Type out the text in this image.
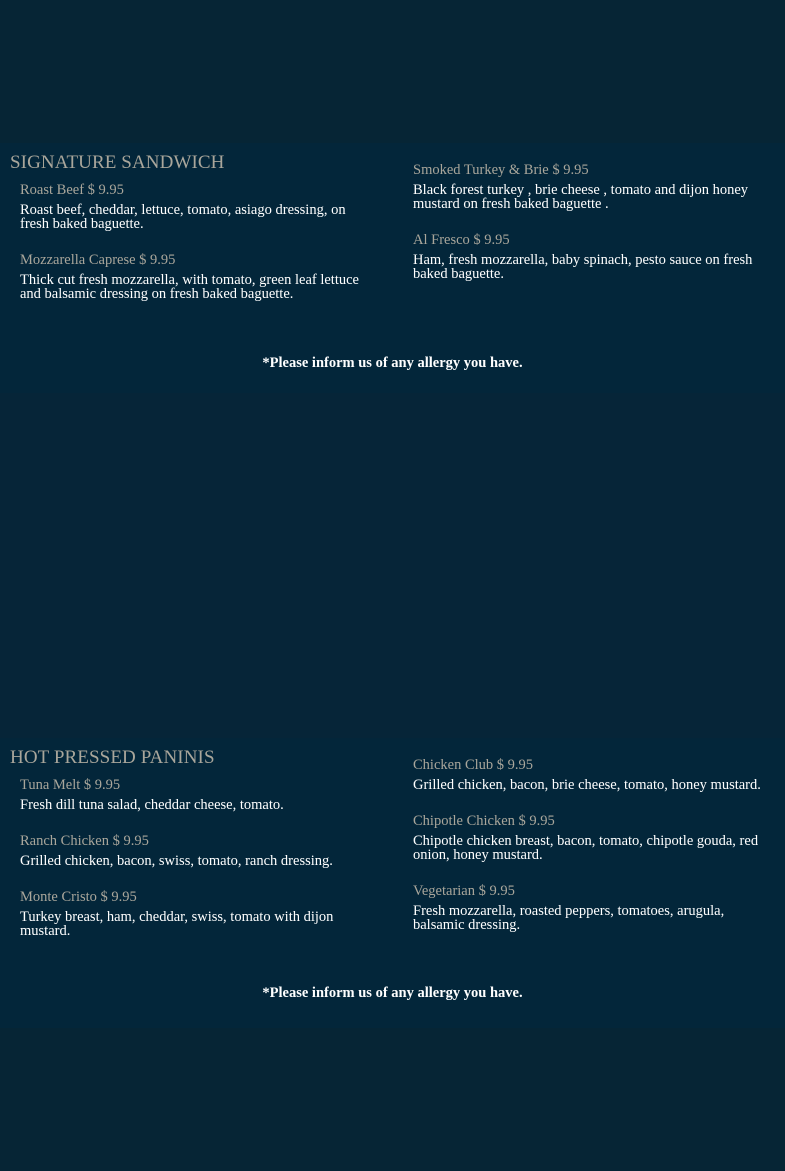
SIGNATURE SANDWICH
Roast Beef $ 9.95
Roast beef, cheddar, lettuce, tomato, asiago dressing, on fresh baked baguette.
Mozzarella Caprese $ 9.95
Thick cut fresh mozzarella, with tomato, green leaf lettuce and balsamic dressing on fresh baked baguette.
Smoked Turkey & Brie $ 9.95
Black forest turkey , brie cheese , tomato and dijon honey mustard on fresh baked baguette .
Al Fresco $ 9.95
Ham, fresh mozzarella, baby spinach, pesto sauce on fresh baked baguette.

*Please inform us of any allergy you have.

HOT PRESSED PANINIS
Tuna Melt $ 9.95
Fresh dill tuna salad, cheddar cheese, tomato.
Ranch Chicken $ 9.95
Grilled chicken, bacon, swiss, tomato, ranch dressing.
Monte Cristo $ 9.95
Turkey breast, ham, cheddar, swiss, tomato with dijon mustard.
Chicken Club $ 9.95
Grilled chicken, bacon, brie cheese, tomato, honey mustard.
Chipotle Chicken $ 9.95
Chipotle chicken breast, bacon, tomato, chipotle gouda, red onion, honey mustard.
Vegetarian $ 9.95
Fresh mozzarella, roasted peppers, tomatoes, arugula, balsamic dressing.

*Please inform us of any allergy you have.
